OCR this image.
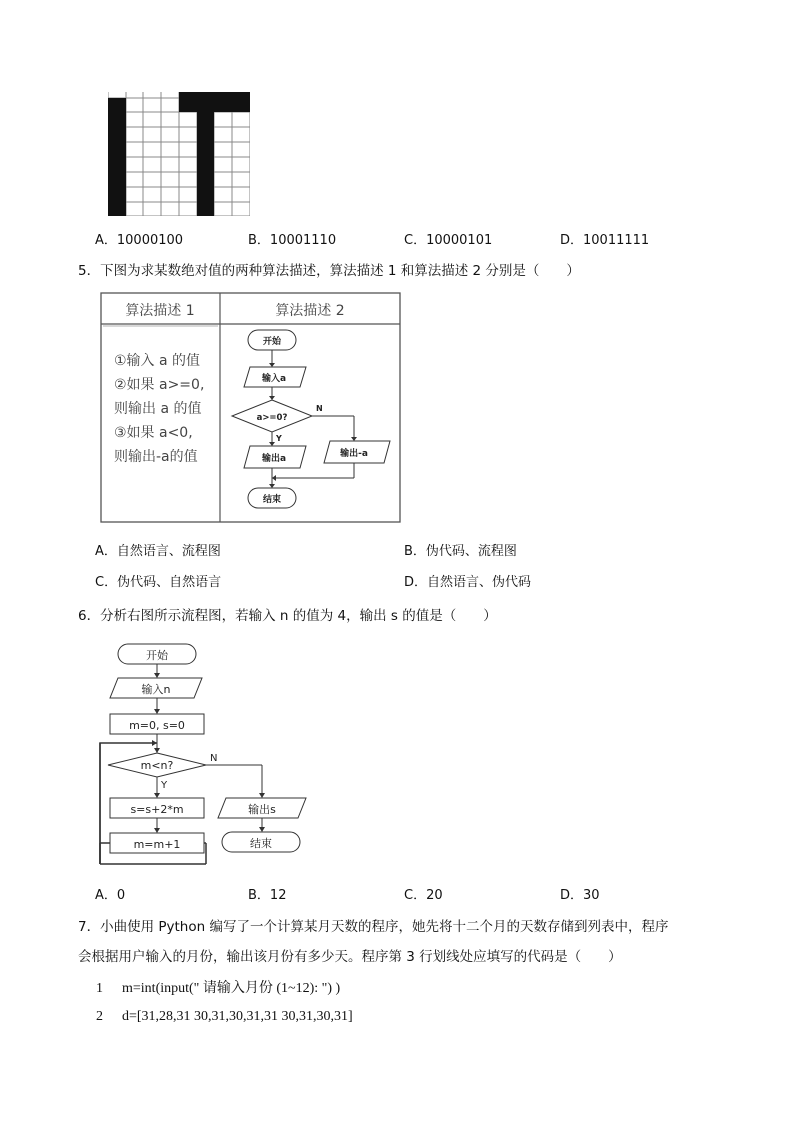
A．10000100	B．10001110	C．10000101	D．10011111
5．下图为求某数绝对值的两种算法描述，算法描述 1 和算法描述 2 分别是（　　）
算法描述 1	算法描述 2
①输入 a 的值
②如果 a>=0,
则输出 a 的值
③如果 a<0,
则输出-a的值
开始
输入a
a>=0?
N
Y
输出a	输出-a
结束
A．自然语言、流程图	B．伪代码、流程图
C．伪代码、自然语言	D．自然语言、伪代码
6．分析右图所示流程图，若输入 n 的值为 4，输出 s 的值是（　　）
开始
输入n
m=0, s=0
m<n?
N
Y
s=s+2*m
m=m+1
输出s
结束
A．0	B．12	C．20	D．30
7．小曲使用 Python 编写了一个计算某月天数的程序，她先将十二个月的天数存储到列表中，程序
会根据用户输入的月份，输出该月份有多少天。程序第 3 行划线处应填写的代码是（　　）
1 m=int(input(" 请输入月份 (1~12): ") )
2 d=[31,28,31 30,31,30,31,31 30,31,30,31]
